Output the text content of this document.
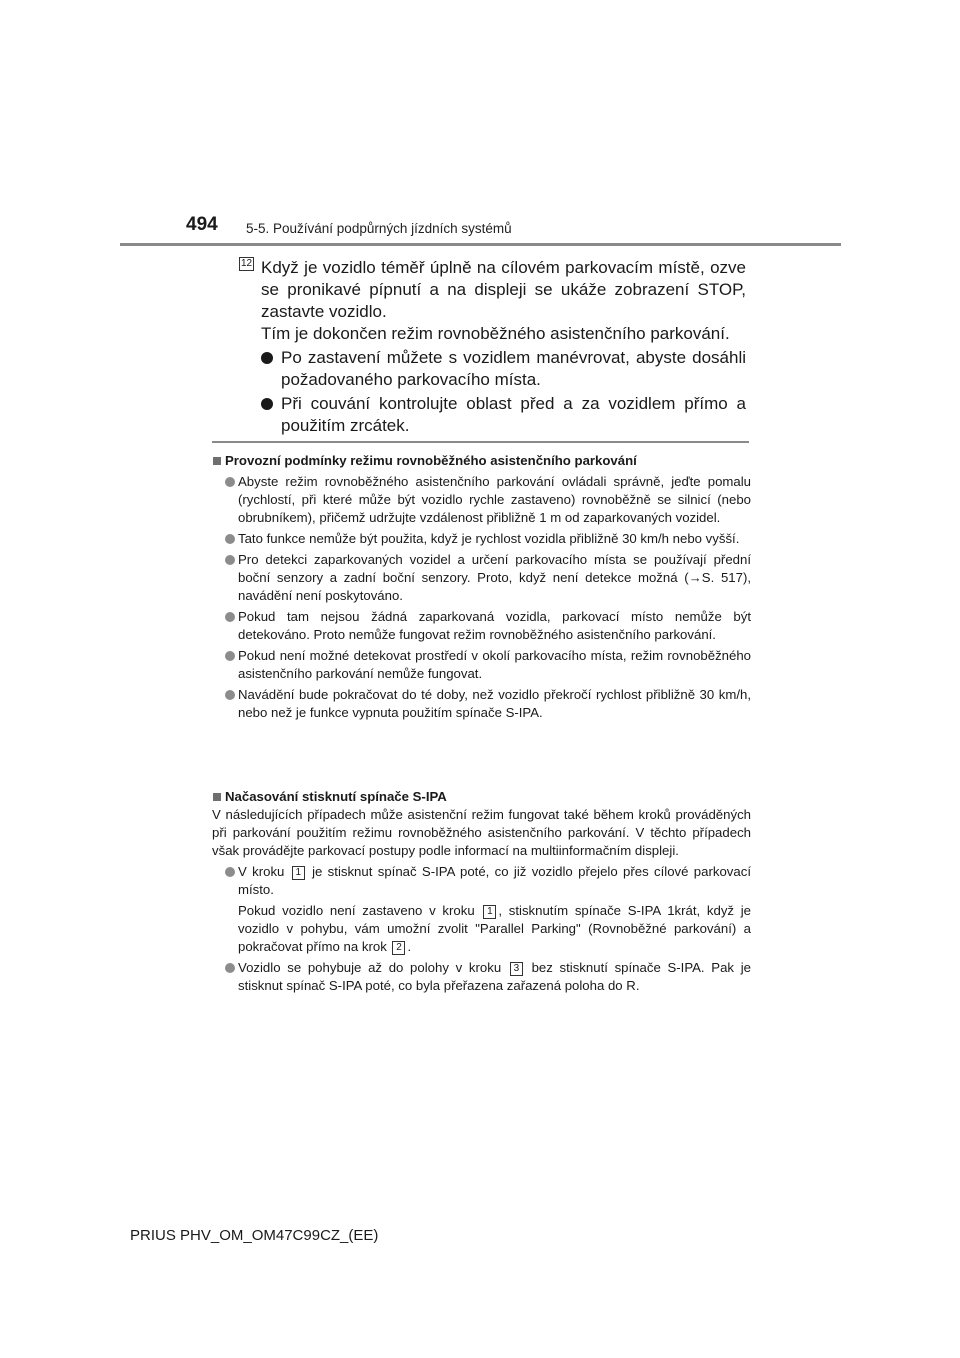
494 5-5. Používání podpůrných jízdních systémů
12 Když je vozidlo téměř úplně na cílovém parkovacím místě, ozve se pronikavé pípnutí a na displeji se ukáže zobrazení STOP, zastavte vozidlo.

Tím je dokončen režim rovnoběžného asistenčního parkování.

Po zastavení můžete s vozidlem manévrovat, abyste dosáhli požadovaného parkovacího místa.

Při couvání kontrolujte oblast před a za vozidlem přímo a použitím zrcátek.

Provozní podmínky režimu rovnoběžného asistenčního parkování

Abyste režim rovnoběžného asistenčního parkování ovládali správně, jeďte pomalu (rychlostí, při které může být vozidlo rychle zastaveno) rovnoběžně se silnicí (nebo obrubníkem), přičemž udržujte vzdálenost přibližně 1 m od zaparkovaných vozidel.

Tato funkce nemůže být použita, když je rychlost vozidla přibližně 30 km/h nebo vyšší.

Pro detekci zaparkovaných vozidel a určení parkovacího místa se používají přední boční senzory a zadní boční senzory. Proto, když není detekce možná (→S. 517), navádění není poskytováno.

Pokud tam nejsou žádná zaparkovaná vozidla, parkovací místo nemůže být detekováno. Proto nemůže fungovat režim rovnoběžného asistenčního parkování.

Pokud není možné detekovat prostředí v okolí parkovacího místa, režim rovnoběžného asistenčního parkování nemůže fungovat.

Navádění bude pokračovat do té doby, než vozidlo překročí rychlost přibližně 30 km/h, nebo než je funkce vypnuta použitím spínače S-IPA.

Načasování stisknutí spínače S-IPA

V následujících případech může asistenční režim fungovat také během kroků prováděných při parkování použitím režimu rovnoběžného asistenčního parkování. V těchto případech však provádějte parkovací postupy podle informací na multiinformačním displeji.

V kroku 1 je stisknut spínač S-IPA poté, co již vozidlo přejelo přes cílové parkovací místo.

Pokud vozidlo není zastaveno v kroku 1 , stisknutím spínače S-IPA 1krát, když je vozidlo v pohybu, vám umožní zvolit "Parallel Parking" (Rovnoběžné parkování) a pokračovat přímo na krok 2 .

Vozidlo se pohybuje až do polohy v kroku 3 bez stisknutí spínače S-IPA. Pak je stisknut spínač S-IPA poté, co byla přeřazena zařazená poloha do R.

PRIUS PHV_OM_OM47C99CZ_(EE)
